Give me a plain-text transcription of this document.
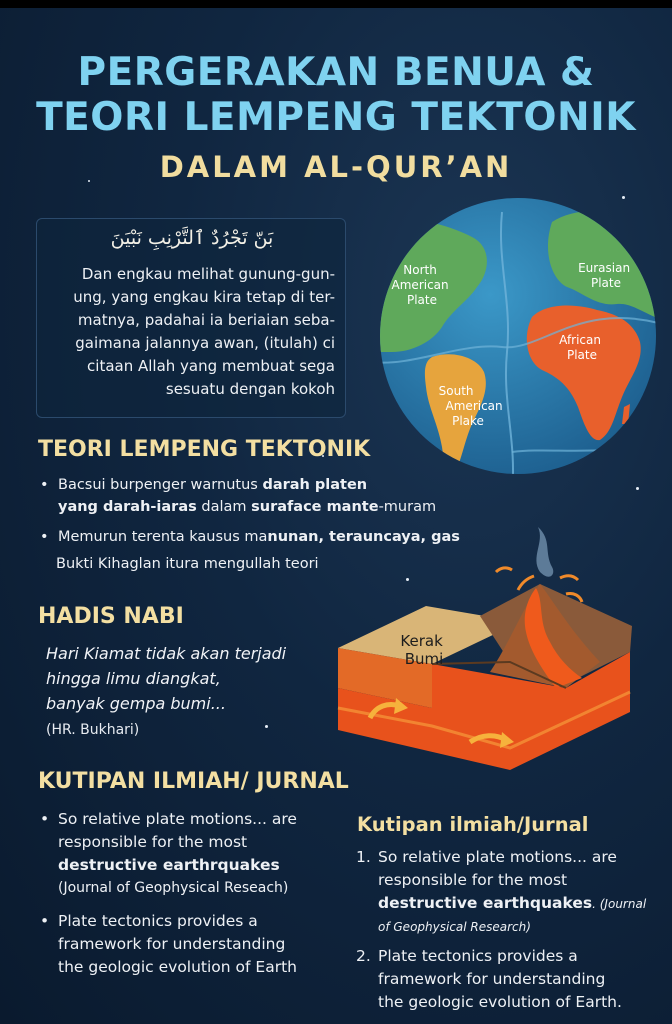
PERGERAKAN BENUA &
TEORI LEMPENG TEKTONIK
DALAM AL-QUR’AN
بَنّ تَجْرُدٌ ٱلتَّرْنِبِ نَبْيَنَ
Dan engkau melihat gunung-gun-
ung, yang engkau kira tetap di ter-
matnya, padahai ia beriaian seba-
gaimana jalannya awan, (itulah) ci
citaan Allah yang membuat sega
sesuatu dengan kokoh
North American Plate
Eurasian Plate
African Plate
South American Plake
TEORI LEMPENG TEKTONIK
• Bacsui burpenger warnutus darah platen
yang darah-iaras dalam suraface mante-muram
• Memurun terenta kausus manunan, terauncaya, gas
Bukti Kihaglan itura mengullah teori
HADIS NABI
Hari Kiamat tidak akan terjadi
hingga limu diangkat,
banyak gempa bumi...
(HR. Bukhari)
Kerak Bumi
KUTIPAN ILMIAH/ JURNAL
• So relative plate motions... are
responsible for the most
destructive earthrquakes
(Journal of Geophysical Reseach)
• Plate tectonics provides a
framework for understanding
the geologic evolution of Earth
Kutipan ilmiah/Jurnal
1. So relative plate motions... are
responsible for the most
destructive earthquakes. (Journal
of Geophysical Research)
2. Plate tectonics provides a
framework for understanding
the geologic evolution of Earth.
